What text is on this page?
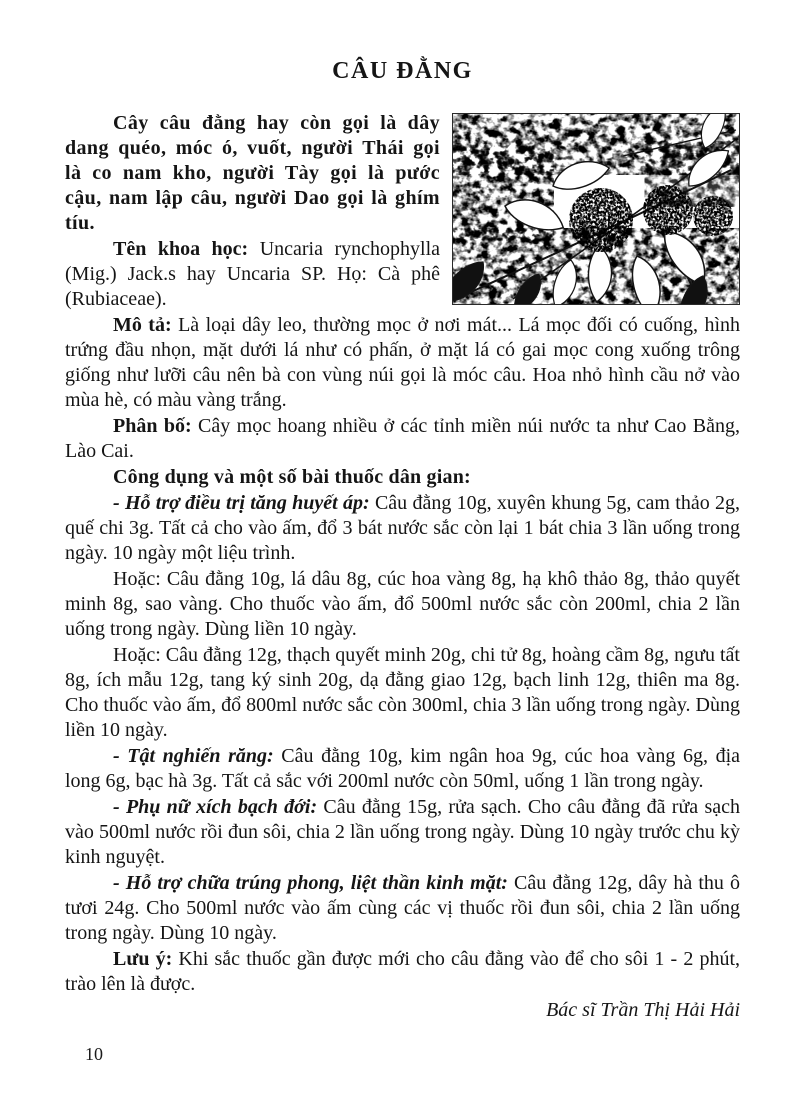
CÂU ĐẰNG

Cây câu đằng hay còn gọi là dây dang quéo, móc ó, vuốt, người Thái gọi là co nam kho, người Tày gọi là pước cậu, nam lập câu, người Dao gọi là ghím tíu.

Tên khoa học: Uncaria rynchophylla (Mig.) Jack.s hay Uncaria SP. Họ: Cà phê (Rubiaceae).

Mô tả: Là loại dây leo, thường mọc ở nơi mát... Lá mọc đối có cuống, hình trứng đầu nhọn, mặt dưới lá như có phấn, ở mặt lá có gai mọc cong xuống trông giống như lưỡi câu nên bà con vùng núi gọi là móc câu. Hoa nhỏ hình cầu nở vào mùa hè, có màu vàng trắng.

Phân bố: Cây mọc hoang nhiều ở các tỉnh miền núi nước ta như Cao Bằng, Lào Cai.

Công dụng và một số bài thuốc dân gian:

- Hỗ trợ điều trị tăng huyết áp: Câu đằng 10g, xuyên khung 5g, cam thảo 2g, quế chi 3g. Tất cả cho vào ấm, đổ 3 bát nước sắc còn lại 1 bát chia 3 lần uống trong ngày. 10 ngày một liệu trình.

Hoặc: Câu đằng 10g, lá dâu 8g, cúc hoa vàng 8g, hạ khô thảo 8g, thảo quyết minh 8g, sao vàng. Cho thuốc vào ấm, đổ 500ml nước sắc còn 200ml, chia 2 lần uống trong ngày. Dùng liền 10 ngày.

Hoặc: Câu đằng 12g, thạch quyết minh 20g, chi tử 8g, hoàng cầm 8g, ngưu tất 8g, ích mẫu 12g, tang ký sinh 20g, dạ đằng giao 12g, bạch linh 12g, thiên ma 8g. Cho thuốc vào ấm, đổ 800ml nước sắc còn 300ml, chia 3 lần uống trong ngày. Dùng liền 10 ngày.

- Tật nghiến răng: Câu đằng 10g, kim ngân hoa 9g, cúc hoa vàng 6g, địa long 6g, bạc hà 3g. Tất cả sắc với 200ml nước còn 50ml, uống 1 lần trong ngày.

- Phụ nữ xích bạch đới: Câu đằng 15g, rửa sạch. Cho câu đằng đã rửa sạch vào 500ml nước rồi đun sôi, chia 2 lần uống trong ngày. Dùng 10 ngày trước chu kỳ kinh nguyệt.

- Hỗ trợ chữa trúng phong, liệt thần kinh mặt: Câu đằng 12g, dây hà thu ô tươi 24g. Cho 500ml nước vào ấm cùng các vị thuốc rồi đun sôi, chia 2 lần uống trong ngày. Dùng 10 ngày.

Lưu ý: Khi sắc thuốc gần được mới cho câu đằng vào để cho sôi 1 - 2 phút, trào lên là được.

Bác sĩ Trần Thị Hải Hải

10
